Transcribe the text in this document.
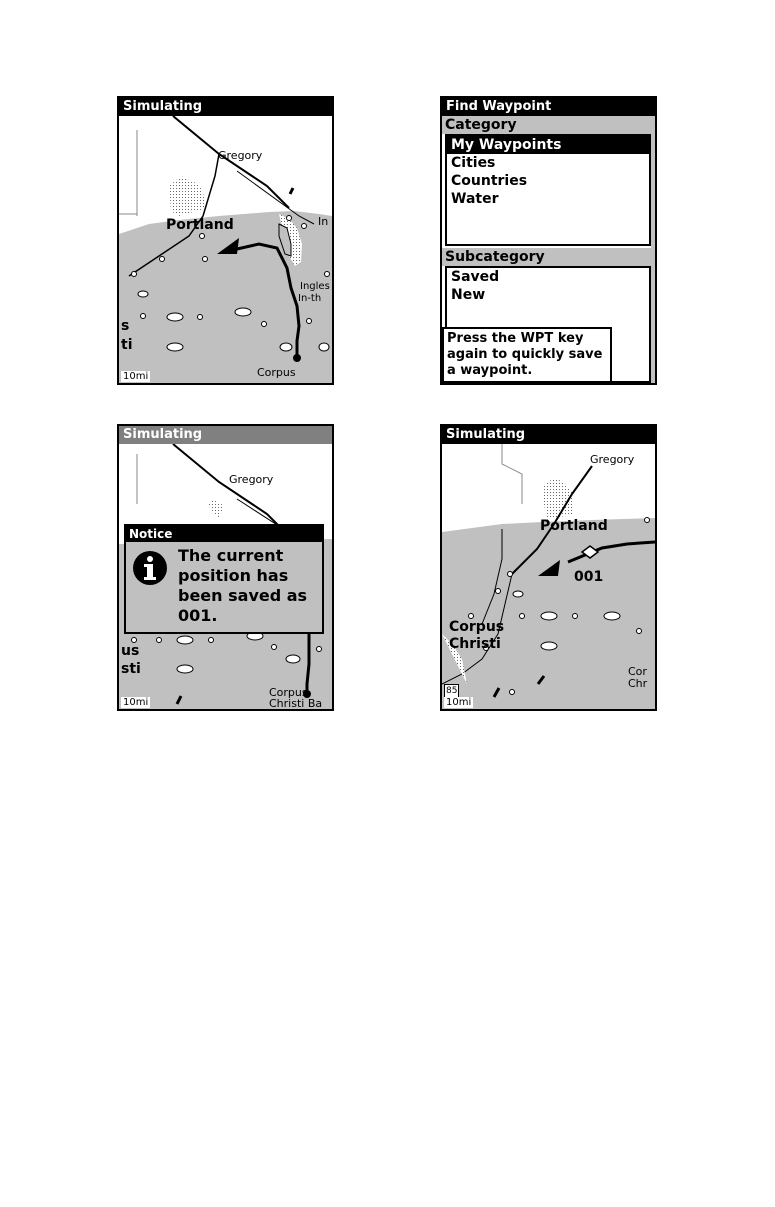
Simulating
Gregory
Portland	In
Ingles
In-th
s
ti
Corpus
10mi
Find Waypoint
Category
My Waypoints
Cities
Countries
Water
Subcategory
Saved
New
Press the WPT key again to quickly save a waypoint.
Simulating
Gregory
us
sti
Corpus
Christi Ba
10mi
Notice
The current position has been saved as 001.
Simulating
Gregory
Portland
001
Corpus
Christi
Cor
Chr
85
10mi
